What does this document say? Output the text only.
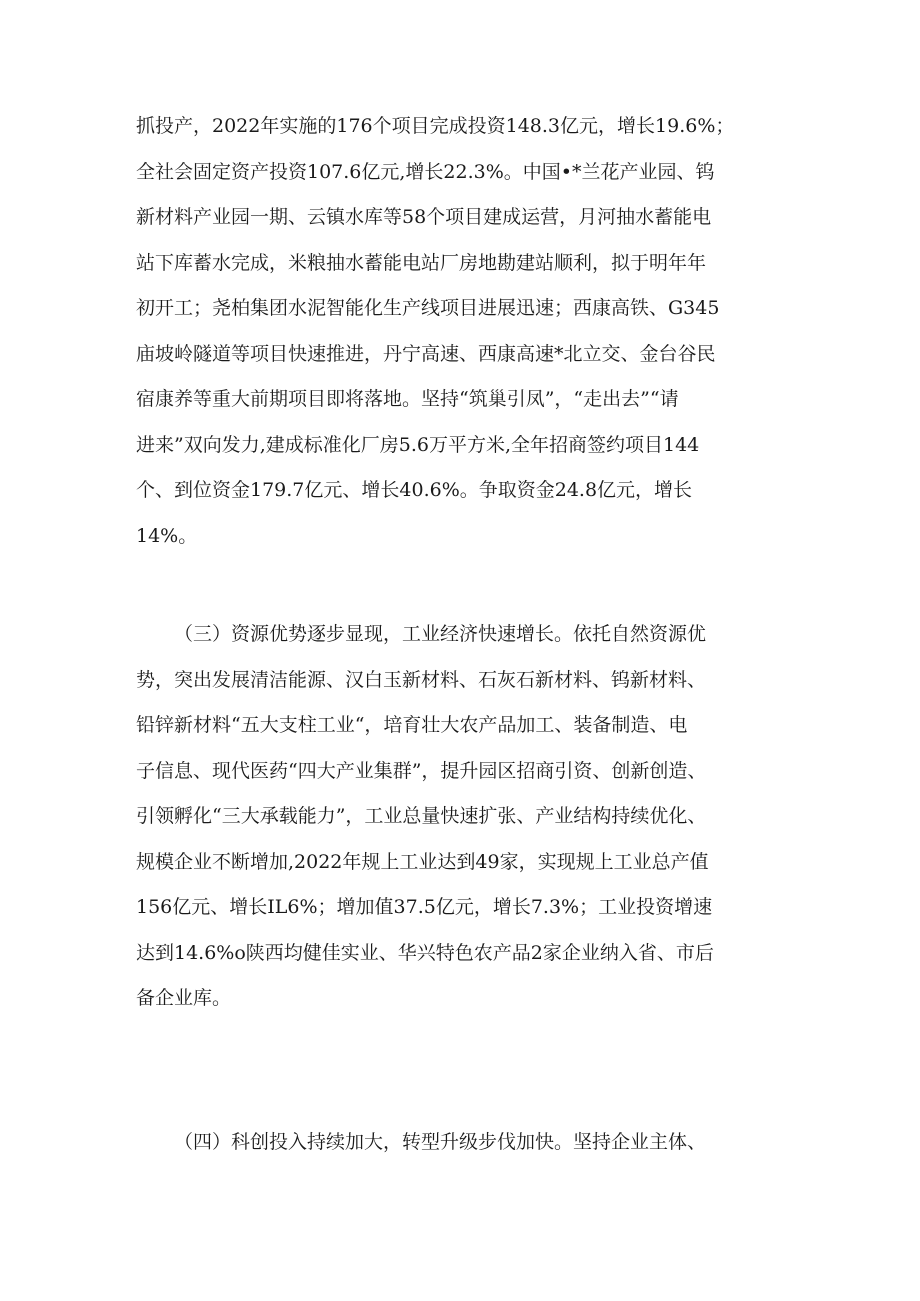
抓投产，2022年实施的176个项目完成投资148.3亿元，增长19.6%；
全社会固定资产投资107.6亿元,增长22.3%。中国•*兰花产业园、钨
新材料产业园一期、云镇水库等58个项目建成运营，月河抽水蓄能电
站下库蓄水完成，米粮抽水蓄能电站厂房地勘建站顺利，拟于明年年
初开工；尧柏集团水泥智能化生产线项目进展迅速；西康高铁、G345
庙坡岭隧道等项目快速推进，丹宁高速、西康高速*北立交、金台谷民
宿康养等重大前期项目即将落地。坚持“筑巢引凤”，“走出去”“请
进来”双向发力,建成标准化厂房5.6万平方米,全年招商签约项目144
个、到位资金179.7亿元、增长40.6%。争取资金24.8亿元，增长
14%。
（三）资源优势逐步显现，工业经济快速增长。依托自然资源优
势，突出发展清洁能源、汉白玉新材料、石灰石新材料、钨新材料、
铅锌新材料“五大支柱工业“，培育壮大农产品加工、装备制造、电
子信息、现代医药“四大产业集群”，提升园区招商引资、创新创造、
引领孵化“三大承载能力”，工业总量快速扩张、产业结构持续优化、
规模企业不断增加,2022年规上工业达到49家，实现规上工业总产值
156亿元、增长IL6%；增加值37.5亿元，增长7.3%；工业投资增速
达到14.6%o陕西均健佳实业、华兴特色农产品2家企业纳入省、市后
备企业库。
（四）科创投入持续加大，转型升级步伐加快。坚持企业主体、
